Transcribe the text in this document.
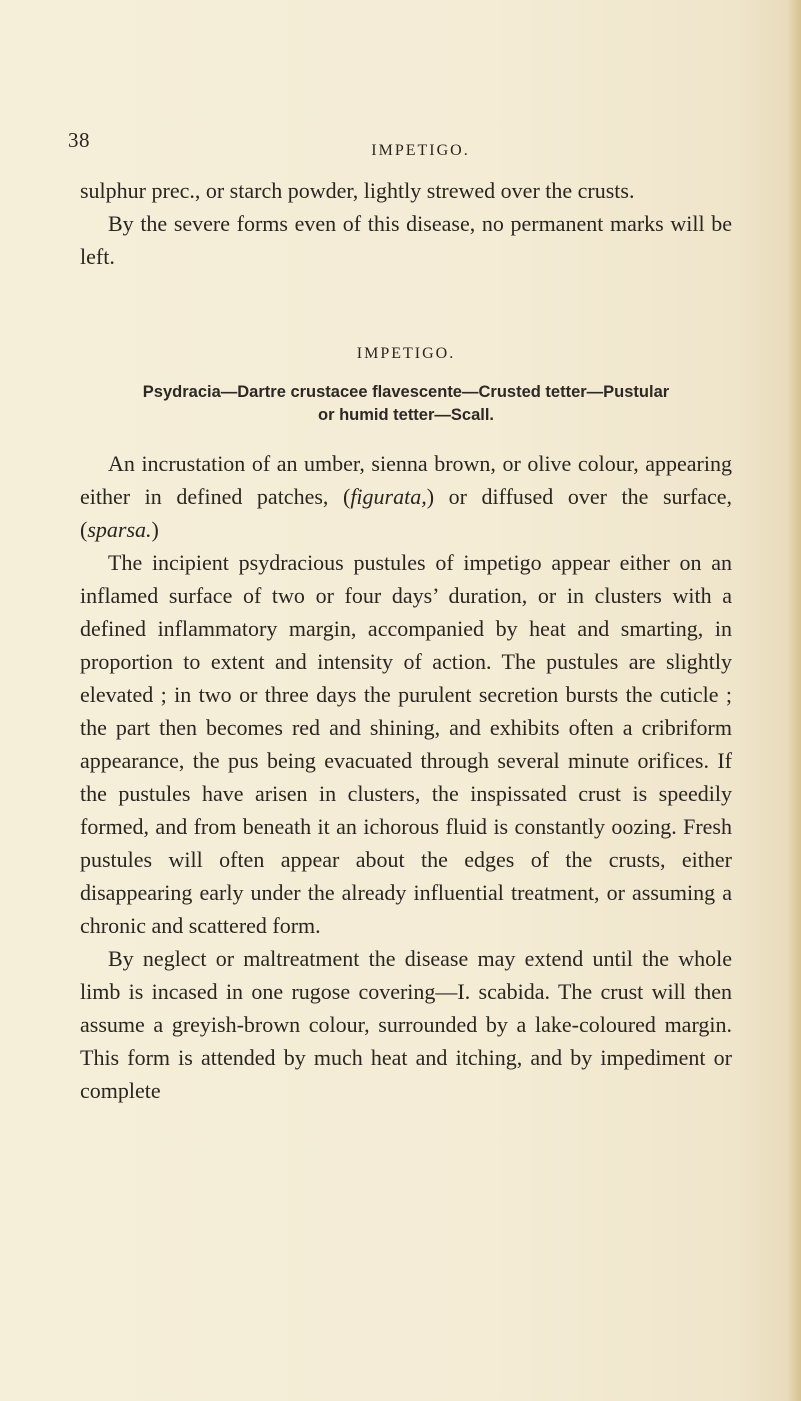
38	IMPETIGO.

sulphur prec., or starch powder, lightly strewed over the crusts.

By the severe forms even of this disease, no permanent marks will be left.

IMPETIGO.

Psydracia—Dartre crustacee flavescente—Crusted tetter—Pustular
or humid tetter—Scall.

An incrustation of an umber, sienna brown, or olive colour, appearing either in defined patches, (figurata,) or diffused over the surface, (sparsa.)

The incipient psydracious pustules of impetigo appear either on an inflamed surface of two or four days’ duration, or in clusters with a defined inflammatory margin, accompanied by heat and smarting, in proportion to extent and intensity of action. The pustules are slightly elevated ; in two or three days the purulent secretion bursts the cuticle ; the part then becomes red and shining, and exhibits often a cribriform appearance, the pus being evacuated through several minute orifices. If the pustules have arisen in clusters, the inspissated crust is speedily formed, and from beneath it an ichorous fluid is constantly oozing. Fresh pustules will often appear about the edges of the crusts, either disappearing early under the already influential treatment, or assuming a chronic and scattered form.

By neglect or maltreatment the disease may extend until the whole limb is incased in one rugose covering—I. scabida. The crust will then assume a greyish-brown colour, surrounded by a lake-coloured margin. This form is attended by much heat and itching, and by impediment or complete
